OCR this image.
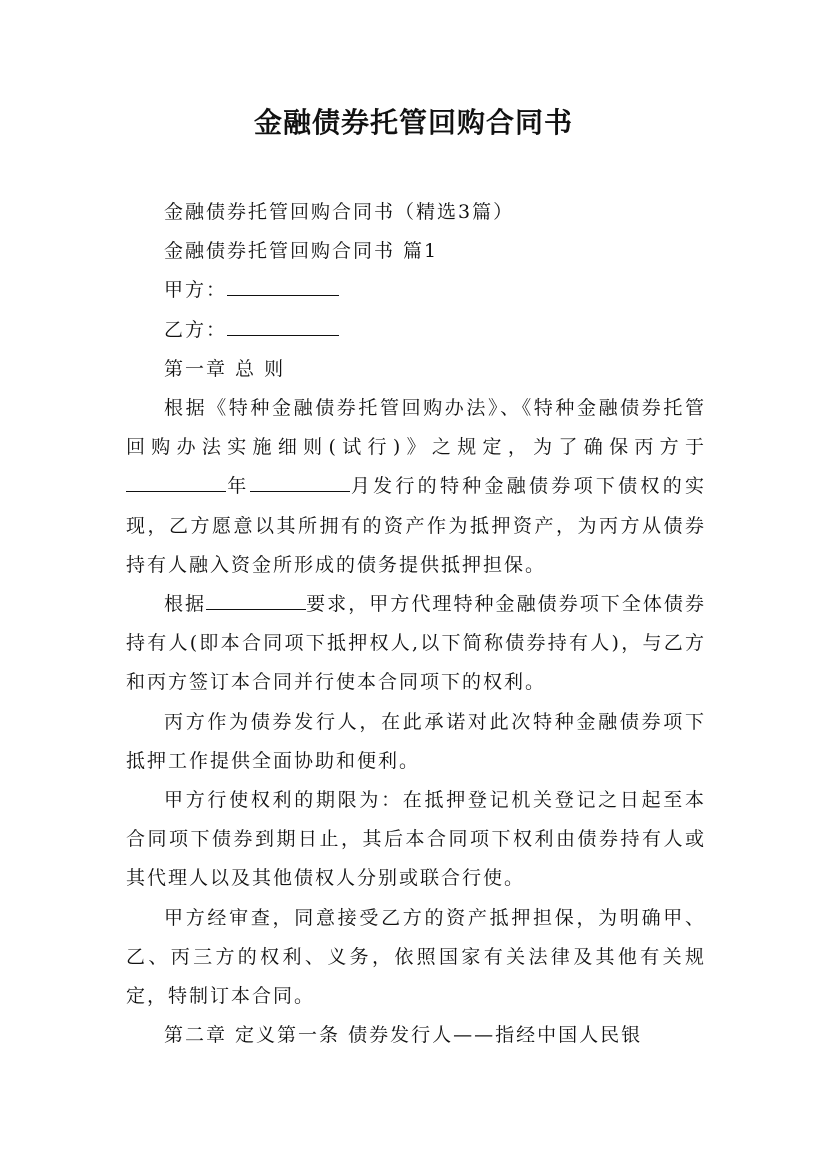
金融债券托管回购合同书

金融债券托管回购合同书（精选3篇）

金融债券托管回购合同书 篇1

甲方：

乙方：

第一章 总 则

根据《特种金融债券托管回购办法》、《特种金融债券托管回购办法实施细则(试行)》之规定，为了确保丙方于年	月发行的特种金融债券项下债权的实现，乙方愿意以其所拥有的资产作为抵押资产，为丙方从债券持有人融入资金所形成的债务提供抵押担保。

根据	要求，甲方代理特种金融债券项下全体债券持有人(即本合同项下抵押权人,以下简称债券持有人)，与乙方和丙方签订本合同并行使本合同项下的权利。

丙方作为债券发行人，在此承诺对此次特种金融债券项下抵押工作提供全面协助和便利。

甲方行使权利的期限为：在抵押登记机关登记之日起至本合同项下债券到期日止，其后本合同项下权利由债券持有人或其代理人以及其他债权人分别或联合行使。

甲方经审查，同意接受乙方的资产抵押担保，为明确甲、乙、丙三方的权利、义务，依照国家有关法律及其他有关规定，特制订本合同。

第二章 定义第一条 债券发行人——指经中国人民银
